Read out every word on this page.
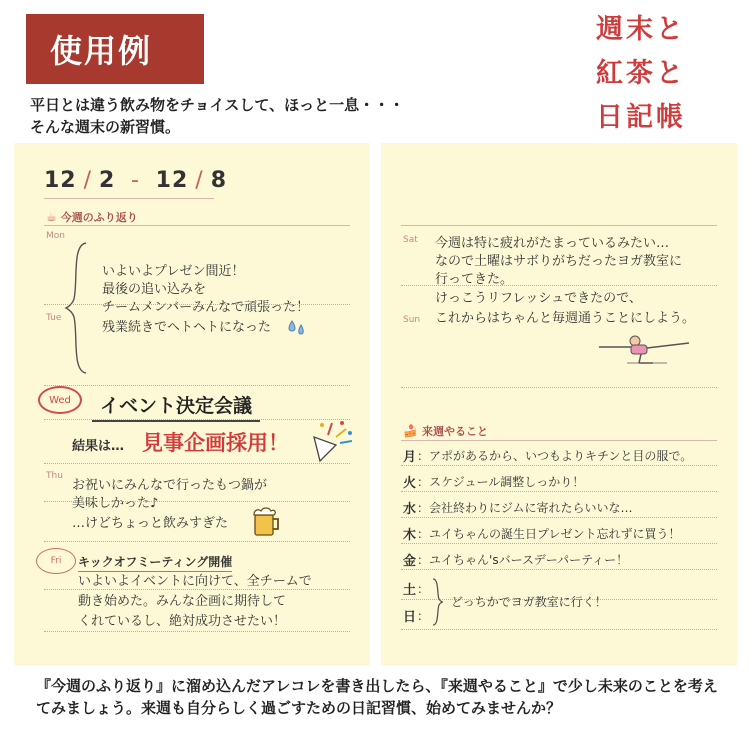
使用例
平日とは違う飲み物をチョイスして、ほっと一息・・・
そんな週末の新習慣。
週末と
紅茶と
日記帳
12 / 2 - 12 / 8
☕ 今週のふり返り
Mon
Tue
いよいよプレゼン間近！
最後の追い込みを
チームメンバーみんなで頑張った！
残業続きでヘトヘトになった
Wed	イベント決定会議
結果は… 見事企画採用！
Thu
お祝いにみんなで行ったもつ鍋が
美味しかった♪
…けどちょっと飲みすぎた
Fri キックオフミーティング開催
いよいよイベントに向けて、全チームで
動き始めた。みんな企画に期待して
くれているし、絶対成功させたい！
Sat 今週は特に疲れがたまっているみたい…
なので土曜はサボりがちだったヨガ教室に
行ってきた。
けっこうリフレッシュできたので、
Sun これからはちゃんと毎週通うことにしよう。
🍰 来週やること
月 ： アポがあるから、いつもよりキチンと目の服で。
火 ： スケジュール調整しっかり！
水 ： 会社終わりにジムに寄れたらいいな…
木 ： ユイちゃんの誕生日プレゼント忘れずに買う！
金 ： ユイちゃん'sバースデーパーティー！
土 ：
日 ：
どっちかでヨガ教室に行く！
『今週のふり返り』に溜め込んだアレコレを書き出したら、『来週やること』で少し未来のことを考えてみましょう。来週も自分らしく過ごすための日記習慣、始めてみませんか？
